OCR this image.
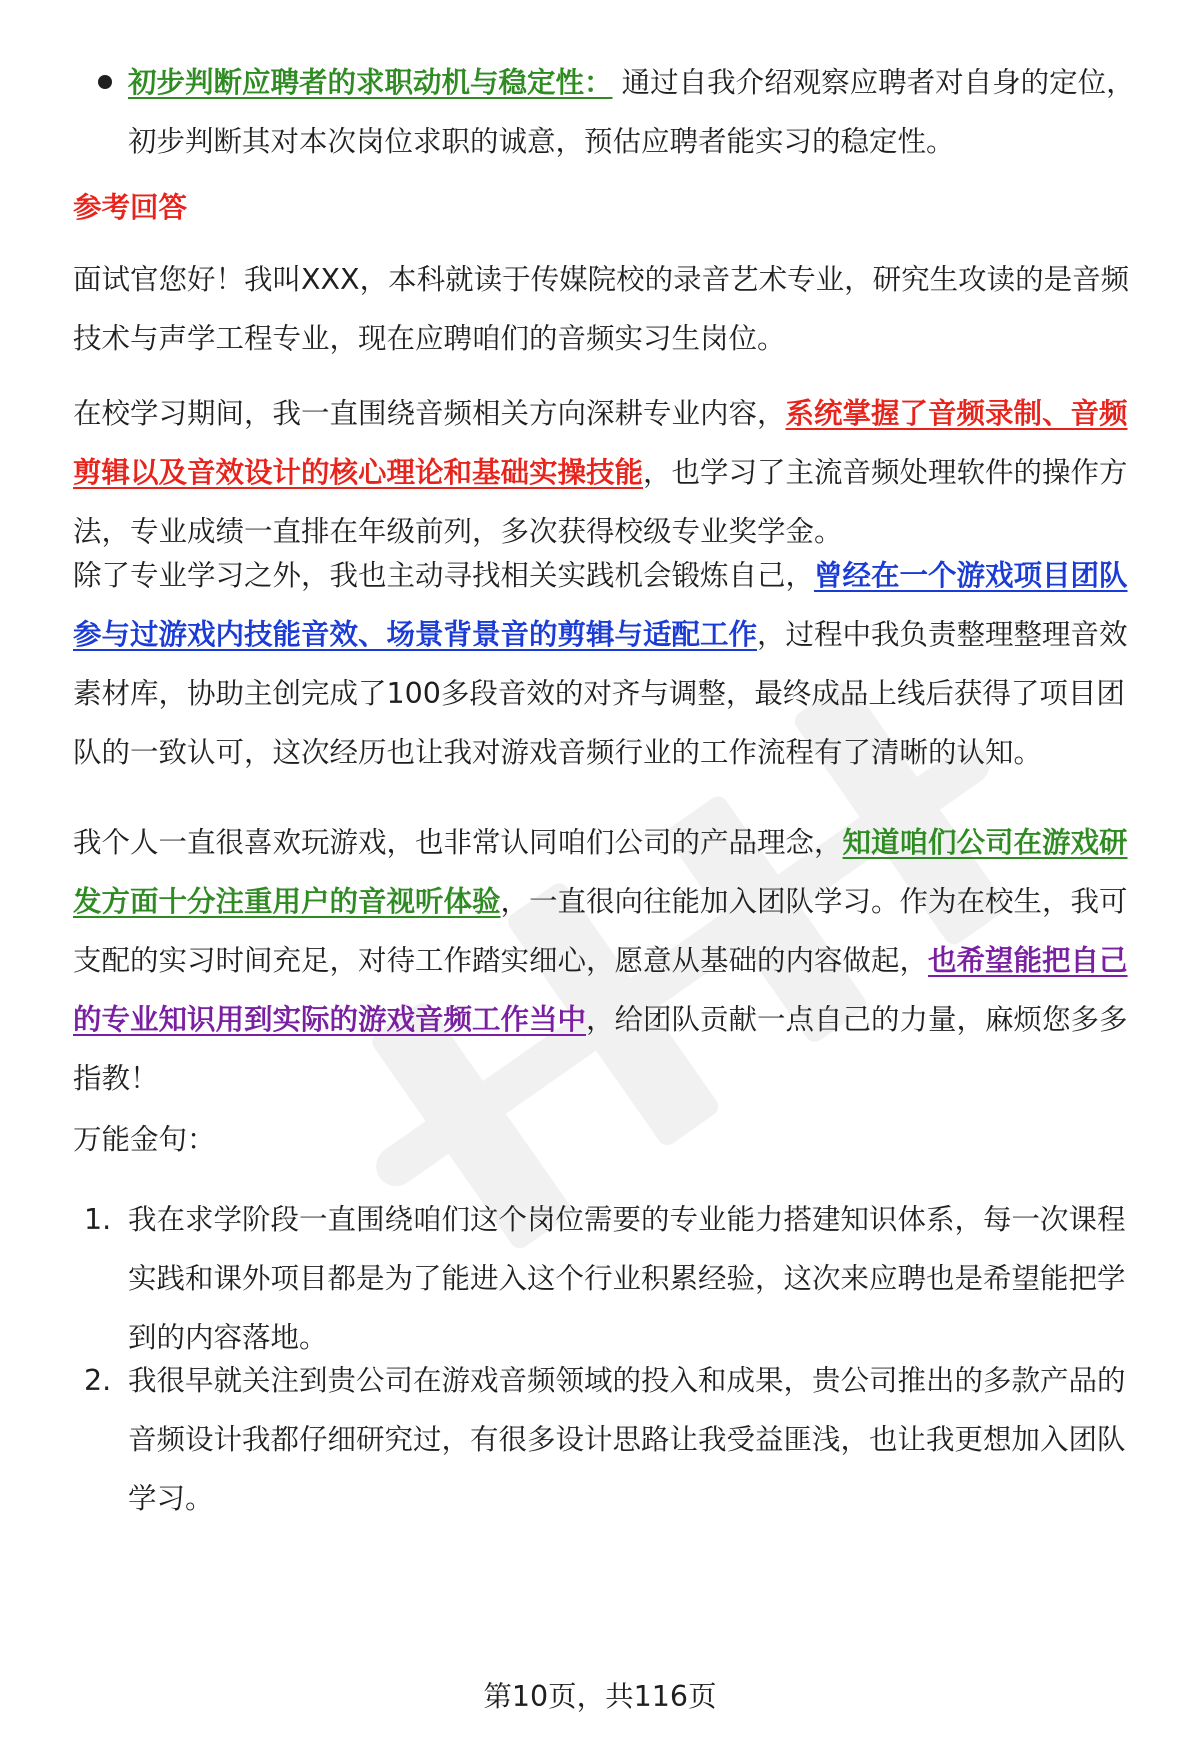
初步判断应聘者的求职动机与稳定性： 通过自我介绍观察应聘者对自身的定位，初步判断其对本次岗位求职的诚意，预估应聘者能实习的稳定性。
参考回答
面试官您好！我叫XXX，本科就读于传媒院校的录音艺术专业，研究生攻读的是音频技术与声学工程专业，现在应聘咱们的音频实习生岗位。
在校学习期间，我一直围绕音频相关方向深耕专业内容，系统掌握了音频录制、音频剪辑以及音效设计的核心理论和基础实操技能，也学习了主流音频处理软件的操作方法，专业成绩一直排在年级前列，多次获得校级专业奖学金。
除了专业学习之外，我也主动寻找相关实践机会锻炼自己，曾经在一个游戏项目团队参与过游戏内技能音效、场景背景音的剪辑与适配工作，过程中我负责整理整理音效素材库，协助主创完成了100多段音效的对齐与调整，最终成品上线后获得了项目团队的一致认可，这次经历也让我对游戏音频行业的工作流程有了清晰的认知。
我个人一直很喜欢玩游戏，也非常认同咱们公司的产品理念，知道咱们公司在游戏研发方面十分注重用户的音视听体验，一直很向往能加入团队学习。作为在校生，我可支配的实习时间充足，对待工作踏实细心，愿意从基础的内容做起，也希望能把自己的专业知识用到实际的游戏音频工作当中，给团队贡献一点自己的力量，麻烦您多多指教！
万能金句：
1. 我在求学阶段一直围绕咱们这个岗位需要的专业能力搭建知识体系，每一次课程实践和课外项目都是为了能进入这个行业积累经验，这次来应聘也是希望能把学到的内容落地。
2. 我很早就关注到贵公司在游戏音频领域的投入和成果，贵公司推出的多款产品的音频设计我都仔细研究过，有很多设计思路让我受益匪浅，也让我更想加入团队学习。
第10页，共116页
